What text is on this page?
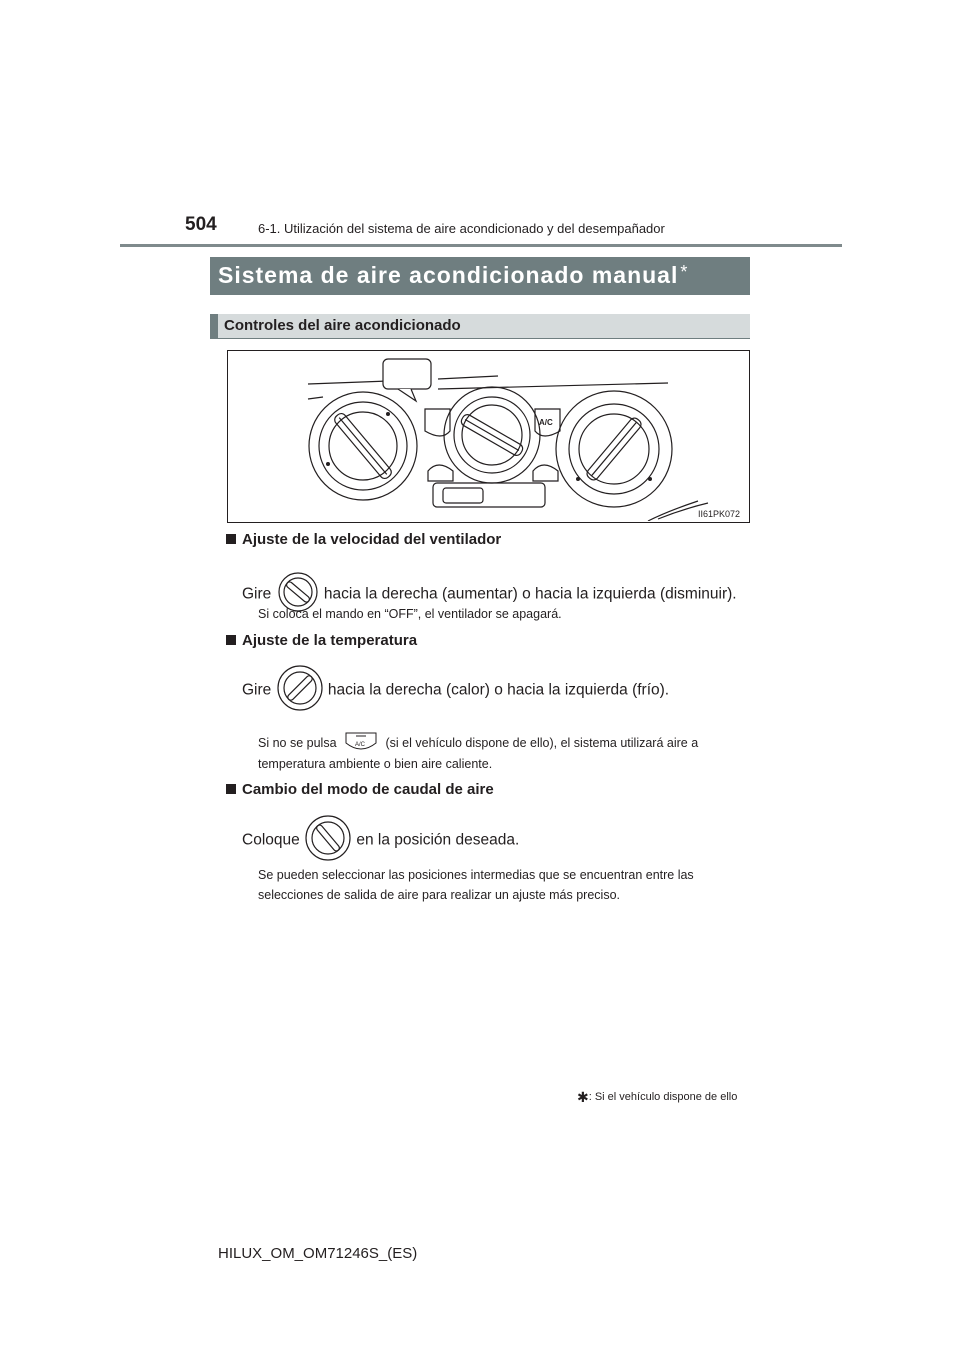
504	6-1. Utilización del sistema de aire acondicionado y del desempañador
Sistema de aire acondicionado manual *
Controles del aire acondicionado
A/C
II61PK072
Ajuste de la velocidad del ventilador
Gire	hacia la derecha (aumentar) o hacia la izquierda (disminuir).
Si coloca el mando en “OFF”, el ventilador se apagará.
Ajuste de la temperatura
Gire	hacia la derecha (calor) o hacia la izquierda (frío).
Si no se pulsa	A/C (si el vehículo dispone de ello), el sistema utilizará aire a
temperatura ambiente o bien aire caliente.
Cambio del modo de caudal de aire
Coloque	en la posición deseada.
Se pueden seleccionar las posiciones intermedias que se encuentran entre las
selecciones de salida de aire para realizar un ajuste más preciso.
✱: Si el vehículo dispone de ello
HILUX_OM_OM71246S_(ES)
